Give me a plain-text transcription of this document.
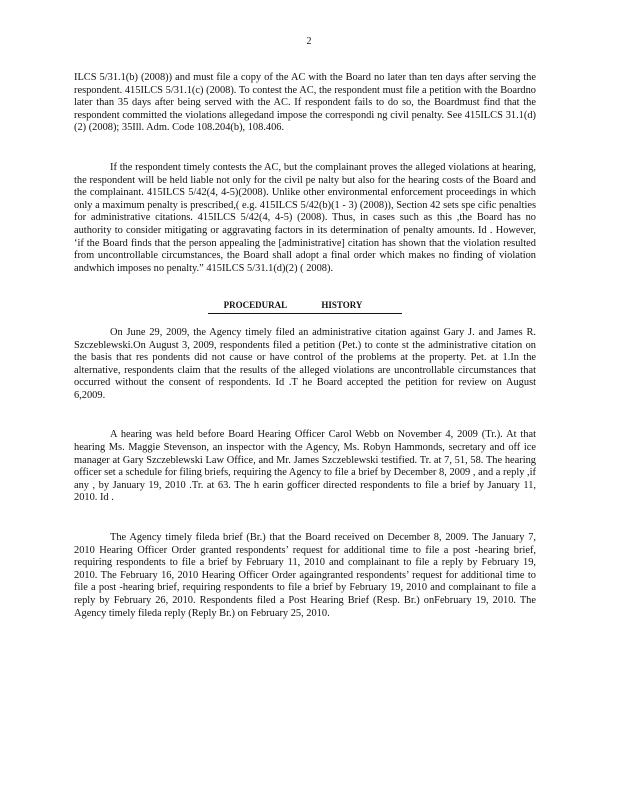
2

ILCS 5/31.1(b) (2008)) and must file a copy of the AC with the Board no later than ten days after serving the respondent. 415ILCS 5/31.1(c) (2008). To contest the AC, the respondent must file a petition with the Boardno later than 35 days after being served with the AC. If respondent fails to do so, the Boardmust find that the respondent committed the violations allegedand impose the correspondi ng civil penalty. See 415ILCS 31.1(d)(2) (2008); 35Ill. Adm. Code 108.204(b), 108.406.

If the respondent timely contests the AC, but the complainant proves the alleged violations at hearing, the respondent will be held liable not only for the civil pe nalty but also for the hearing costs of the Board and the complainant. 415ILCS 5/42(4, 4-5)(2008). Unlike other environmental enforcement proceedings in which only a maximum penalty is prescribed,( e.g. 415ILCS 5/42(b)(1 - 3) (2008)), Section 42 sets spe cific penalties for administrative citations. 415ILCS 5/42(4, 4-5) (2008). Thus, in cases such as this ,the Board has no authority to consider mitigating or aggravating factors in its determination of penalty amounts. Id . However, ‘if the Board finds that the person appealing the [administrative] citation has shown that the violation resulted from uncontrollable circumstances, the Board shall adopt a final order which makes no finding of violation andwhich imposes no penalty.” 415ILCS 5/31.1(d)(2) ( 2008).

PROCEDURAL	HISTORY

On June 29, 2009, the Agency timely filed an administrative citation against Gary J. and James R. Szczeblewski.On August 3, 2009, respondents filed a petition (Pet.) to conte st the administrative citation on the basis that res pondents did not cause or have control of the problems at the property. Pet. at 1.In the alternative, respondents claim that the results of the alleged violations are uncontrollable circumstances that occurred without the consent of respondents. Id .T he Board accepted the petition for review on August 6,2009.

A hearing was held before Board Hearing Officer Carol Webb on November 4, 2009 (Tr.). At that hearing Ms. Maggie Stevenson, an inspector with the Agency, Ms. Robyn Hammonds, secretary and off ice manager at Gary Szczeblewski Law Office, and Mr. James Szczeblewski testified. Tr. at 7, 51, 58. The hearing officer set a schedule for filing briefs, requiring the Agency to file a brief by December 8, 2009 , and a reply ,if any , by January 19, 2010 .Tr. at 63. The h earin gofficer directed respondents to file a brief by January 11, 2010. Id .

The Agency timely fileda brief (Br.) that the Board received on December 8, 2009. The January 7, 2010 Hearing Officer Order granted respondents’ request for additional time to file a post -hearing brief, requiring respondents to file a brief by February 11, 2010 and complainant to file a reply by February 19, 2010. The February 16, 2010 Hearing Officer Order againgranted respondents’ request for additional time to file a post -hearing brief, requiring respondents to file a brief by February 19, 2010 and complainant to file a reply by February 26, 2010. Respondents filed a Post Hearing Brief (Resp. Br.) onFebruary 19, 2010. The Agency timely fileda reply (Reply Br.) on February 25, 2010.
